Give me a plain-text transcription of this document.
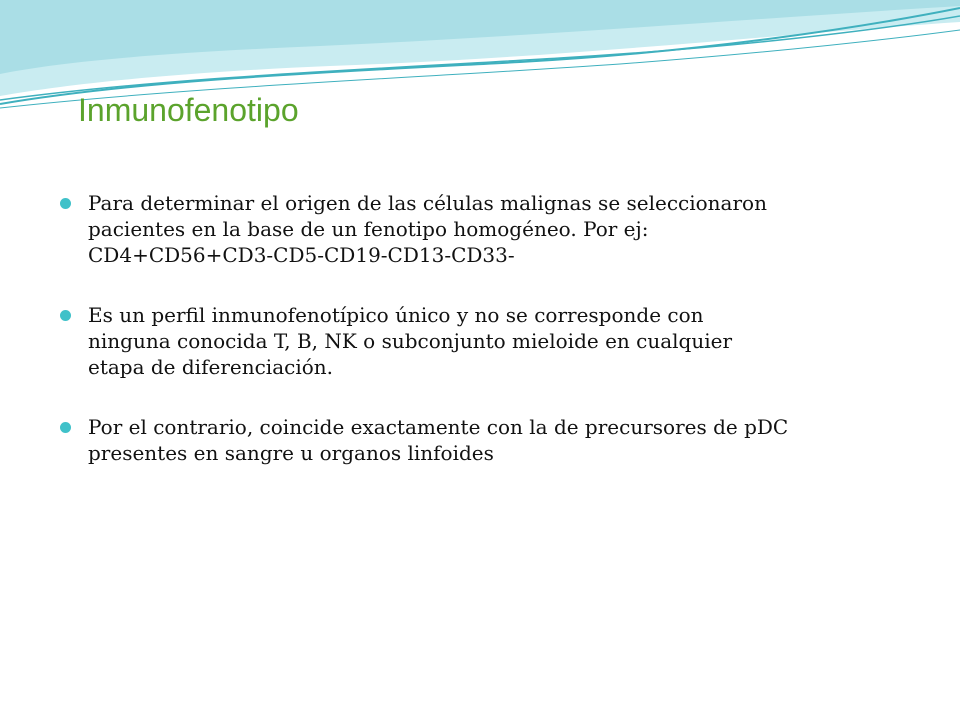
Inmunofenotipo
Para determinar el origen de las células malignas se seleccionaron
pacientes en la base de un fenotipo homogéneo. Por ej:
CD4+CD56+CD3-CD5-CD19-CD13-CD33-
Es un perfil inmunofenotípico único y no se corresponde con
ninguna conocida T, B, NK o subconjunto mieloide en cualquier
etapa de diferenciación.
Por el contrario, coincide exactamente con la de precursores de pDC
presentes en sangre u organos linfoides
